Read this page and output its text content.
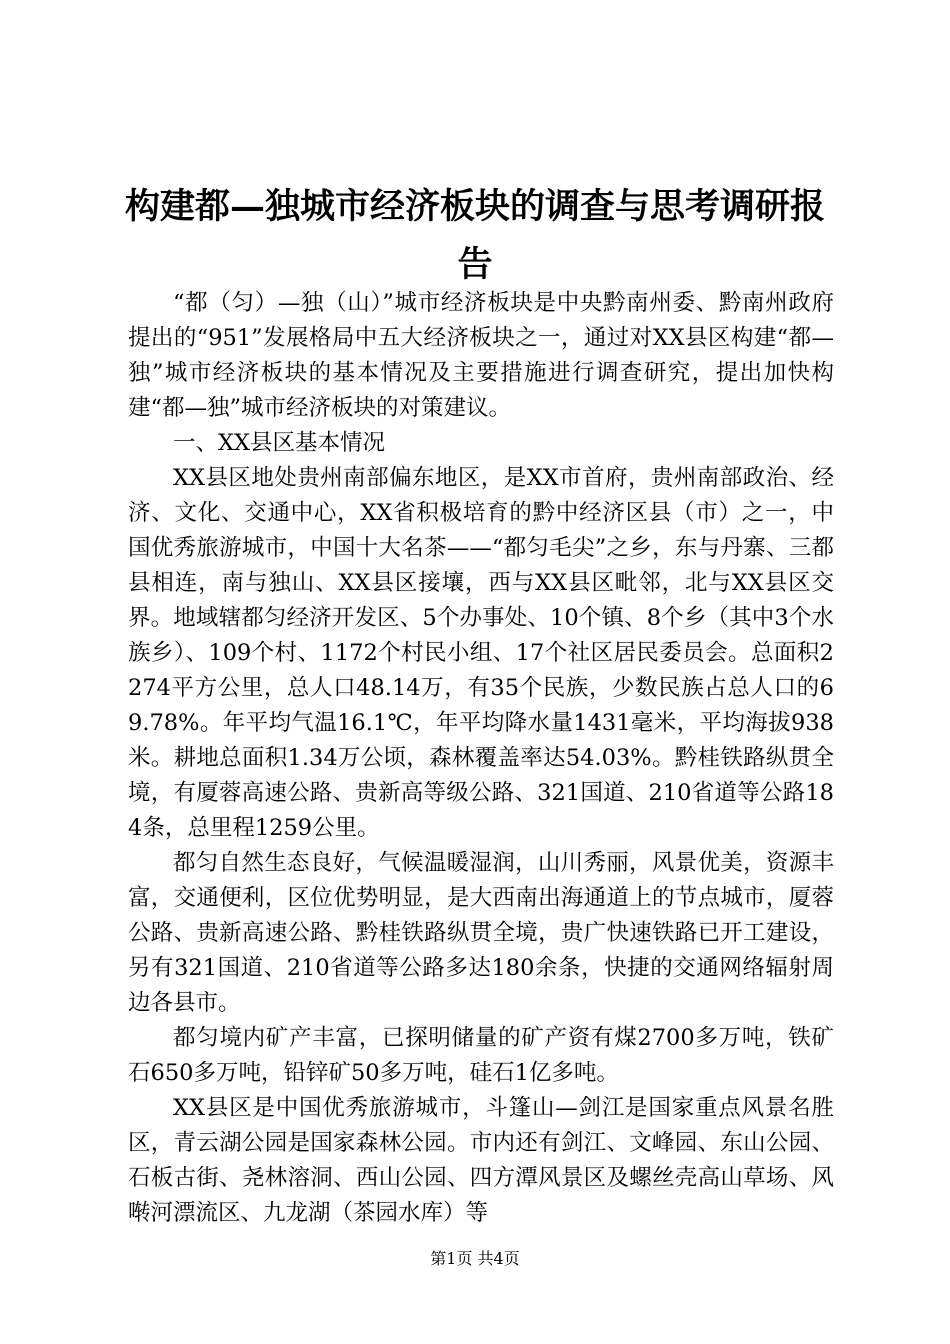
构建都—独城市经济板块的调查与思考调研报告

“都（匀）—独（山）”城市经济板块是中央黔南州委、黔南州政府提出的“951”发展格局中五大经济板块之一，通过对XX县区构建“都—独”城市经济板块的基本情况及主要措施进行调查研究，提出加快构建“都—独”城市经济板块的对策建议。

一、XX县区基本情况

XX县区地处贵州南部偏东地区，是XX市首府，贵州南部政治、经济、文化、交通中心，XX省积极培育的黔中经济区县（市）之一，中国优秀旅游城市，中国十大名茶——“都匀毛尖”之乡，东与丹寨、三都县相连，南与独山、XX县区接壤，西与XX县区毗邻，北与XX县区交界。地域辖都匀经济开发区、5个办事处、10个镇、8个乡（其中3个水族乡）、109个村、1172个村民小组、17个社区居民委员会。总面积2274平方公里，总人口48.14万，有35个民族，少数民族占总人口的69.78%。年平均气温16.1℃，年平均降水量1431毫米，平均海拔938米。耕地总面积1.34万公顷，森林覆盖率达54.03%。黔桂铁路纵贯全境，有厦蓉高速公路、贵新高等级公路、321国道、210省道等公路184条，总里程1259公里。

都匀自然生态良好，气候温暖湿润，山川秀丽，风景优美，资源丰富，交通便利，区位优势明显，是大西南出海通道上的节点城市，厦蓉公路、贵新高速公路、黔桂铁路纵贯全境，贵广快速铁路已开工建设，另有321国道、210省道等公路多达180余条，快捷的交通网络辐射周边各县市。

都匀境内矿产丰富，已探明储量的矿产资有煤2700多万吨，铁矿石650多万吨，铅锌矿50多万吨，硅石1亿多吨。

XX县区是中国优秀旅游城市，斗篷山—剑江是国家重点风景名胜区，青云湖公园是国家森林公园。市内还有剑江、文峰园、东山公园、石板古街、尧林溶洞、西山公园、四方潭风景区及螺丝壳高山草场、风啭河漂流区、九龙湖（茶园水库）等

第1页 共4页
